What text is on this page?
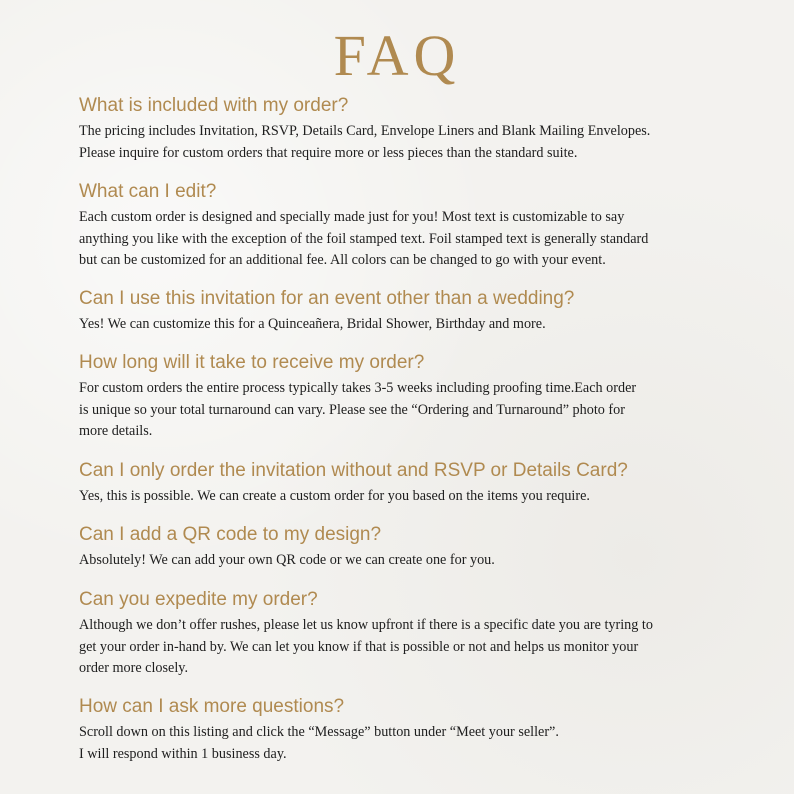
FAQ
What is included with my order?

The pricing includes Invitation, RSVP, Details Card, Envelope Liners and Blank Mailing Envelopes.
Please inquire for custom orders that require more or less pieces than the standard suite.

What can I edit?

Each custom order is designed and specially made just for you! Most text is customizable to say
anything you like with the exception of the foil stamped text. Foil stamped text is generally standard
but can be customized for an additional fee. All colors can be changed to go with your event.

Can I use this invitation for an event other than a wedding?

Yes! We can customize this for a Quinceañera, Bridal Shower, Birthday and more.

How long will it take to receive my order?

For custom orders the entire process typically takes 3-5 weeks including proofing time.Each order
is unique so your total turnaround can vary. Please see the “Ordering and Turnaround” photo for
more details.

Can I only order the invitation without and RSVP or Details Card?

Yes, this is possible. We can create a custom order for you based on the items you require.

Can I add a QR code to my design?

Absolutely! We can add your own QR code or we can create one for you.

Can you expedite my order?

Although we don’t offer rushes, please let us know upfront if there is a specific date you are tyring to
get your order in-hand by. We can let you know if that is possible or not and helps us monitor your
order more closely.

How can I ask more questions?

Scroll down on this listing and click the “Message” button under “Meet your seller”.
I will respond within 1 business day.
